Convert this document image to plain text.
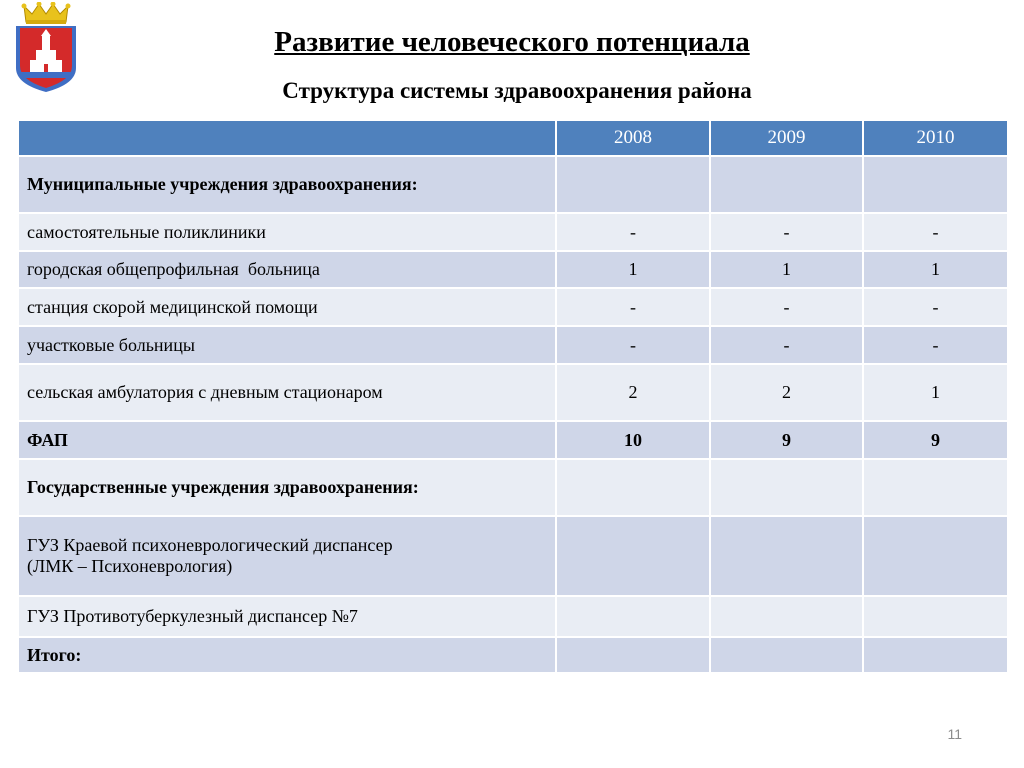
Развитие человеческого потенциала
Структура системы здравоохранения района
	2008	2009	2010
Муниципальные учреждения здравоохранения:			
самостоятельные поликлиники	-	-	-
городская общепрофильная  больница	1	1	1
станция скорой медицинской помощи	-	-	-
участковые больницы	-	-	-
сельская амбулатория с дневным стационаром	2	2	1
ФАП	10	9	9
Государственные учреждения здравоохранения:			

ГУЗ Краевой психоневрологический диспансер
(ЛМК – Психоневрология)			

ГУЗ Противотуберкулезный диспансер №7			
Итого:			
11
